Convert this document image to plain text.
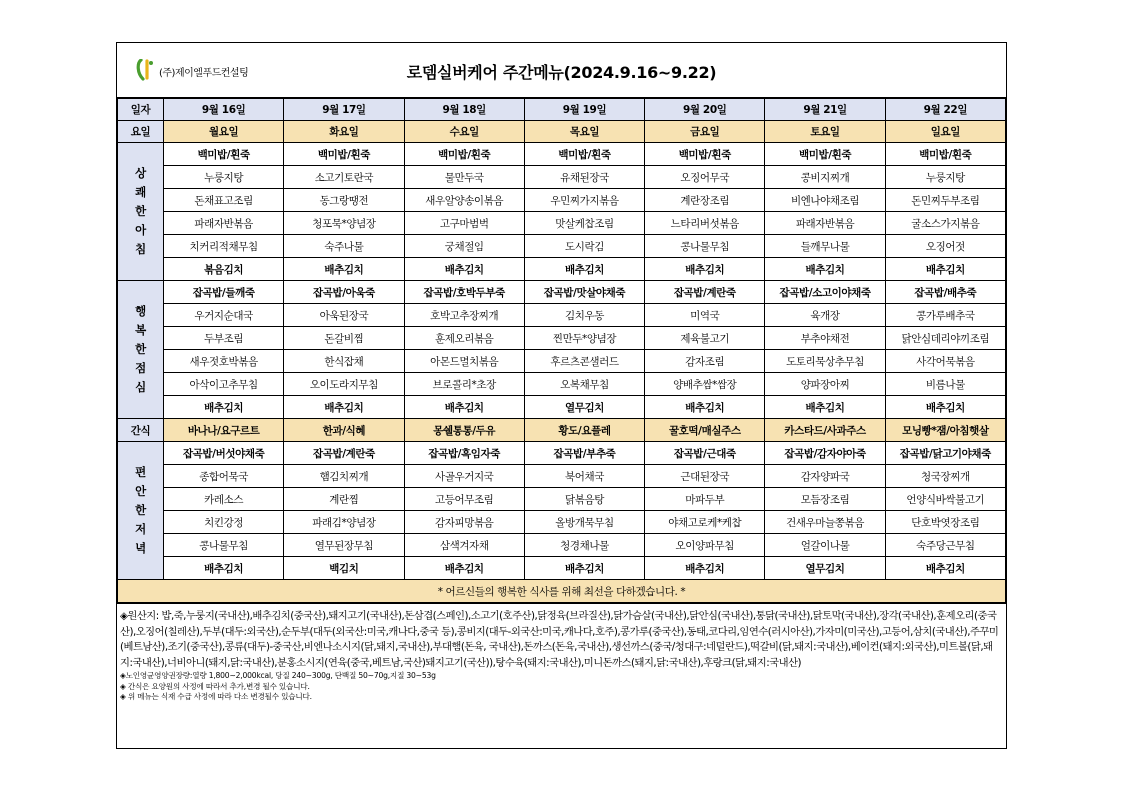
(주)제이엘푸드컨설팅	로뎀실버케어 주간메뉴(2024.9.16~9.22)
일자	9월 16일	9월 17일	9월 18일	9월 19일	9월 20일	9월 21일	9월 22일
요일	월요일	화요일	수요일	목요일	금요일	토요일	일요일

상
쾌
한
아
침	백미밥/흰죽	백미밥/흰죽	백미밥/흰죽	백미밥/흰죽	백미밥/흰죽	백미밥/흰죽	백미밥/흰죽
	누룽지탕	소고기토란국	물만두국	유채된장국	오징어무국	콩비지찌개	누룽지탕
	돈채표고조림	동그랑땡전	새우알양송이볶음	우민찌가지볶음	계란장조림	비엔나야채조림	돈민찌두부조림
	파래자반볶음	청포묵*양념장	고구마범벅	맛살케찹조림	느타리버섯볶음	파래자반볶음	굴소스가지볶음
	치커리적채무침	숙주나물	궁채절임	도시락김	콩나물무침	들깨무나물	오징어젓
	볶음김치	배추김치	배추김치	배추김치	배추김치	배추김치	배추김치

행
복
한
점
심	잡곡밥/들깨죽	잡곡밥/아욱죽	잡곡밥/호박두부죽	잡곡밥/맛살야채죽	잡곡밥/계란죽	잡곡밥/소고이야채죽	잡곡밥/배추죽
	우거지순대국	아욱된장국	호박고추장찌개	김치우동	미역국	육개장	콩가루배추국
	두부조림	돈갈비찜	훈제오리볶음	찐만두*양념장	제육불고기	부추야채전	닭안심데리야끼조림
	새우젓호박볶음	한식잡채	아몬드멸치볶음	후르츠콘샐러드	감자조림	도토리묵상추무침	사각어묵볶음
	아삭이고추무침	오이도라지무침	브로콜리*초장	오복채무침	양배추쌈*쌈장	양파장아찌	비름나물
	배추김치	배추김치	배추김치	열무김치	배추김치	배추김치	배추김치
간식	바나나/요구르트	한과/식혜	몽쉘통통/두유	황도/요플레	꿀호떡/매실주스	카스타드/사과주스	모닝빵*잼/아침햇살

편
안
한
저
녁	잡곡밥/버섯야채죽	잡곡밥/계란죽	잡곡밥/흑임자죽	잡곡밥/부추죽	잡곡밥/근대죽	잡곡밥/감자야아죽	잡곡밥/닭고기야채죽
	종합어묵국	햄김치찌개	사골우거지국	북어채국	근대된장국	감자양파국	청국장찌개
	카레소스	계란찜	고등어무조림	닭볶음탕	마파두부	모듬장조림	언양식바싹불고기
	치킨강정	파래김*양념장	감자피망볶음	올방개묵무침	야채고로케*케찹	건새우마늘쫑볶음	단호박엿장조림
	콩나물무침	열무된장무침	삼색겨자채	청경채나물	오이양파무침	얼갈이나물	숙주당근무침
	배추김치	백김치	배추김치	배추김치	배추김치	열무김치	배추김치
* 어르신들의 행복한 식사를 위해 최선을 다하겠습니다. *							
◈원산지: 밥,죽,누룽지(국내산),배추김치(중국산),돼지고기(국내산),돈삼겹(스페인),소고기(호주산),닭정육(브라질산),닭가슴살(국내산),닭안심(국내산),통닭(국내산),닭토막(국내산),장각(국내산),훈제오리(중국산),오징어(칠레산),두부(대두:외국산),순두부(대두(외국산:미국,캐나다,중국 등),콩비지(대두-외국산:미국,캐나다,호주),콩가루(중국산),동태,코다리,임연수(러시아산),가자미(미국산),고등어,삼치(국내산),주꾸미(베트남산),조기(중국산),콩류(대두)-중국산,비엔나소시지(닭,돼지,국내산),부대햄(돈육, 국내산),돈까스(돈육,국내산),생선까스(중국/청대구:네덜란드),떡갈비(닭,돼지:국내산),베이컨(돼지:외국산),미트볼(닭,돼지:국내산),너비아니(돼지,닭:국내산),분홍소시지(연육(중국,베트남,국산)돼지고기(국산)),탕수육(돼지:국내산),미니돈까스(돼지,닭:국내산),후랑크(닭,돼지:국내산)
◈노인영균영양권장량:열량 1,800~2,000kcal, 당질 240~300g, 단백질 50~70g,지질 30~53g
◈ 간식은 요양원의 사정에 따라서 추가,변경 될수 있습니다.
◈ 위 메뉴는 식재 수급 사정에 따라 다소 변경될수 있습니다.
